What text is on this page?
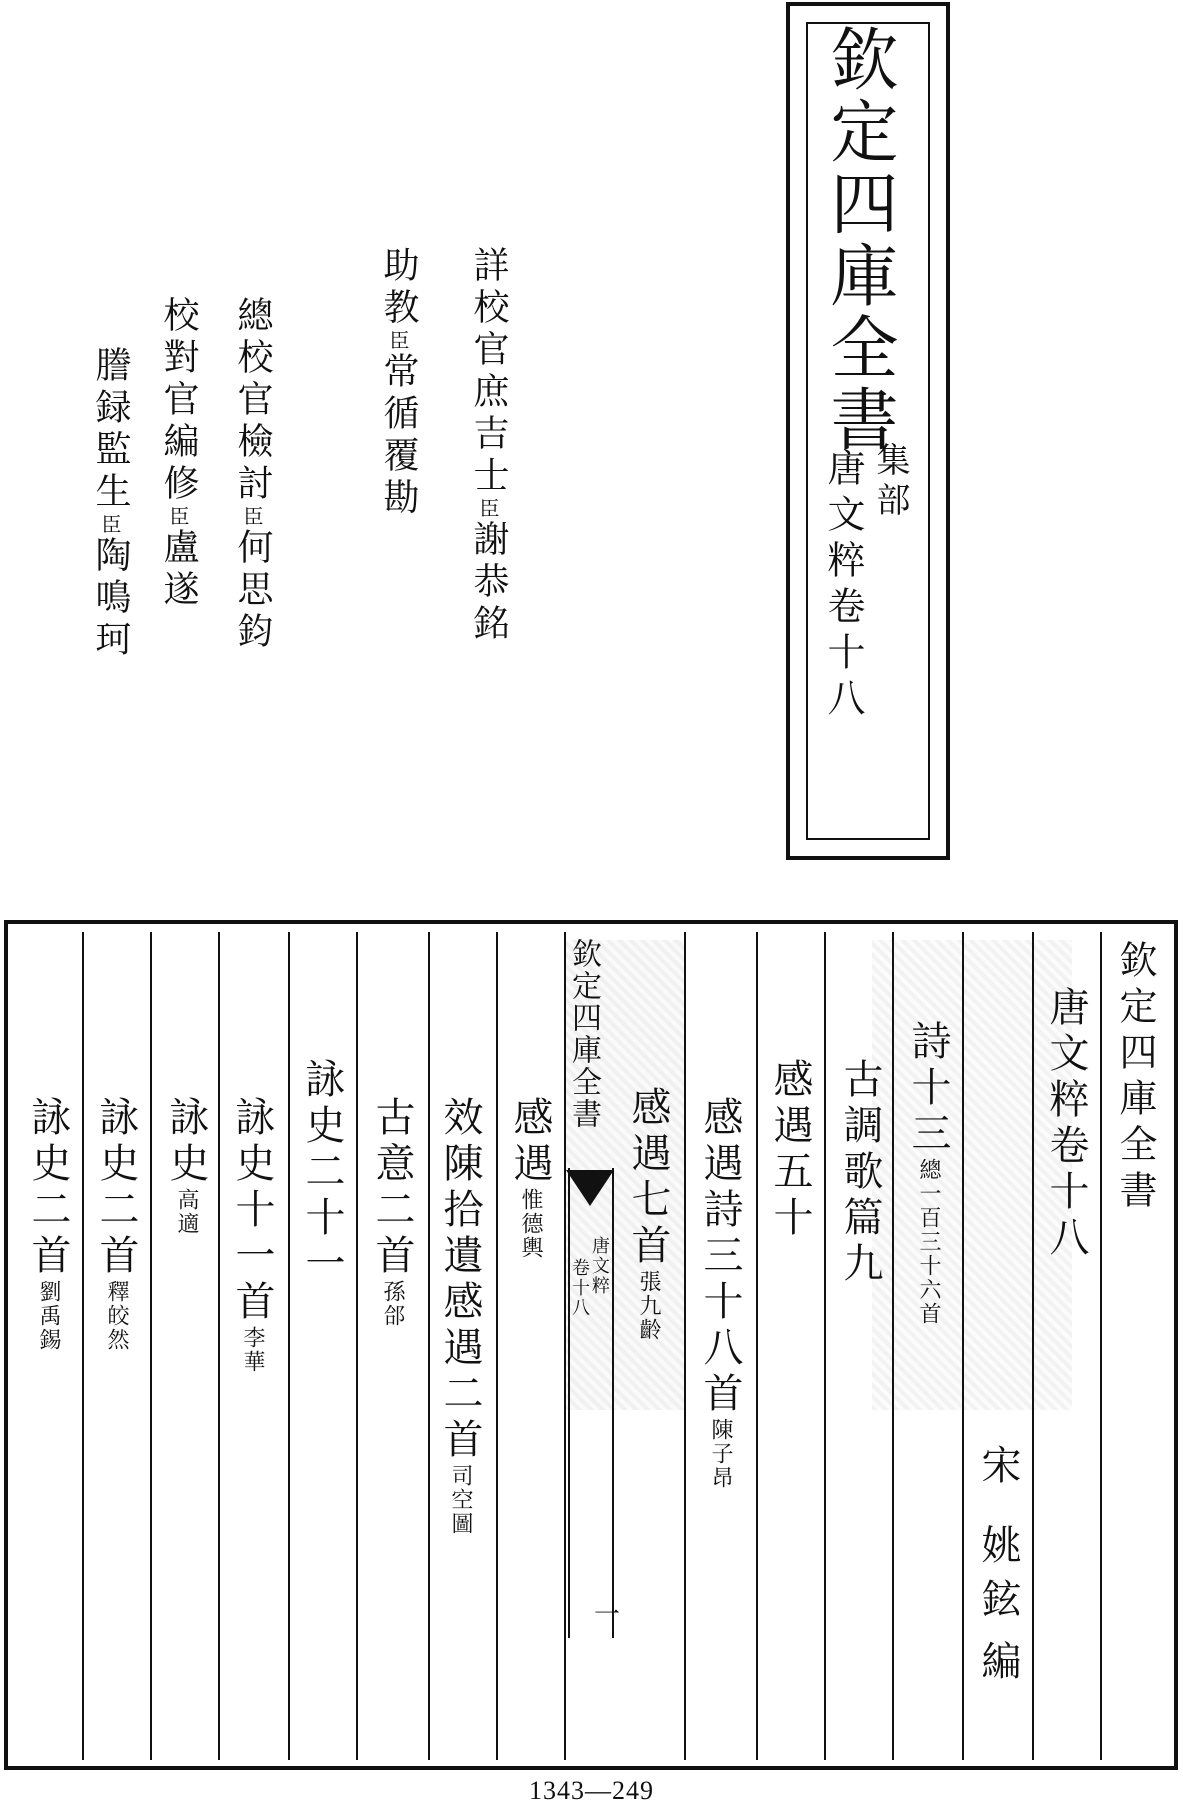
欽定四庫全書
集部
唐文粹卷十八
詳校官庶吉士臣謝恭銘
助教臣常循覆勘
總校官檢討臣何思鈞
校對官編修臣盧遂
謄録監生臣陶鳴珂
欽定四庫全書
唐文粹卷十八
宋
姚鉉
編
詩十三總一百三十六首
古調歌篇九
感遇五十
感遇詩三十八首陳子昂
感遇七首張九齡
欽定四庫全書
唐文粹
卷十八
一
感遇惟德輿
效陳拾遺感遇二首司空圖
古意二首孫郃
詠史二十一
詠史十一首李華
詠史高適
詠史二首釋皎然
詠史二首劉禹錫
1343—249
